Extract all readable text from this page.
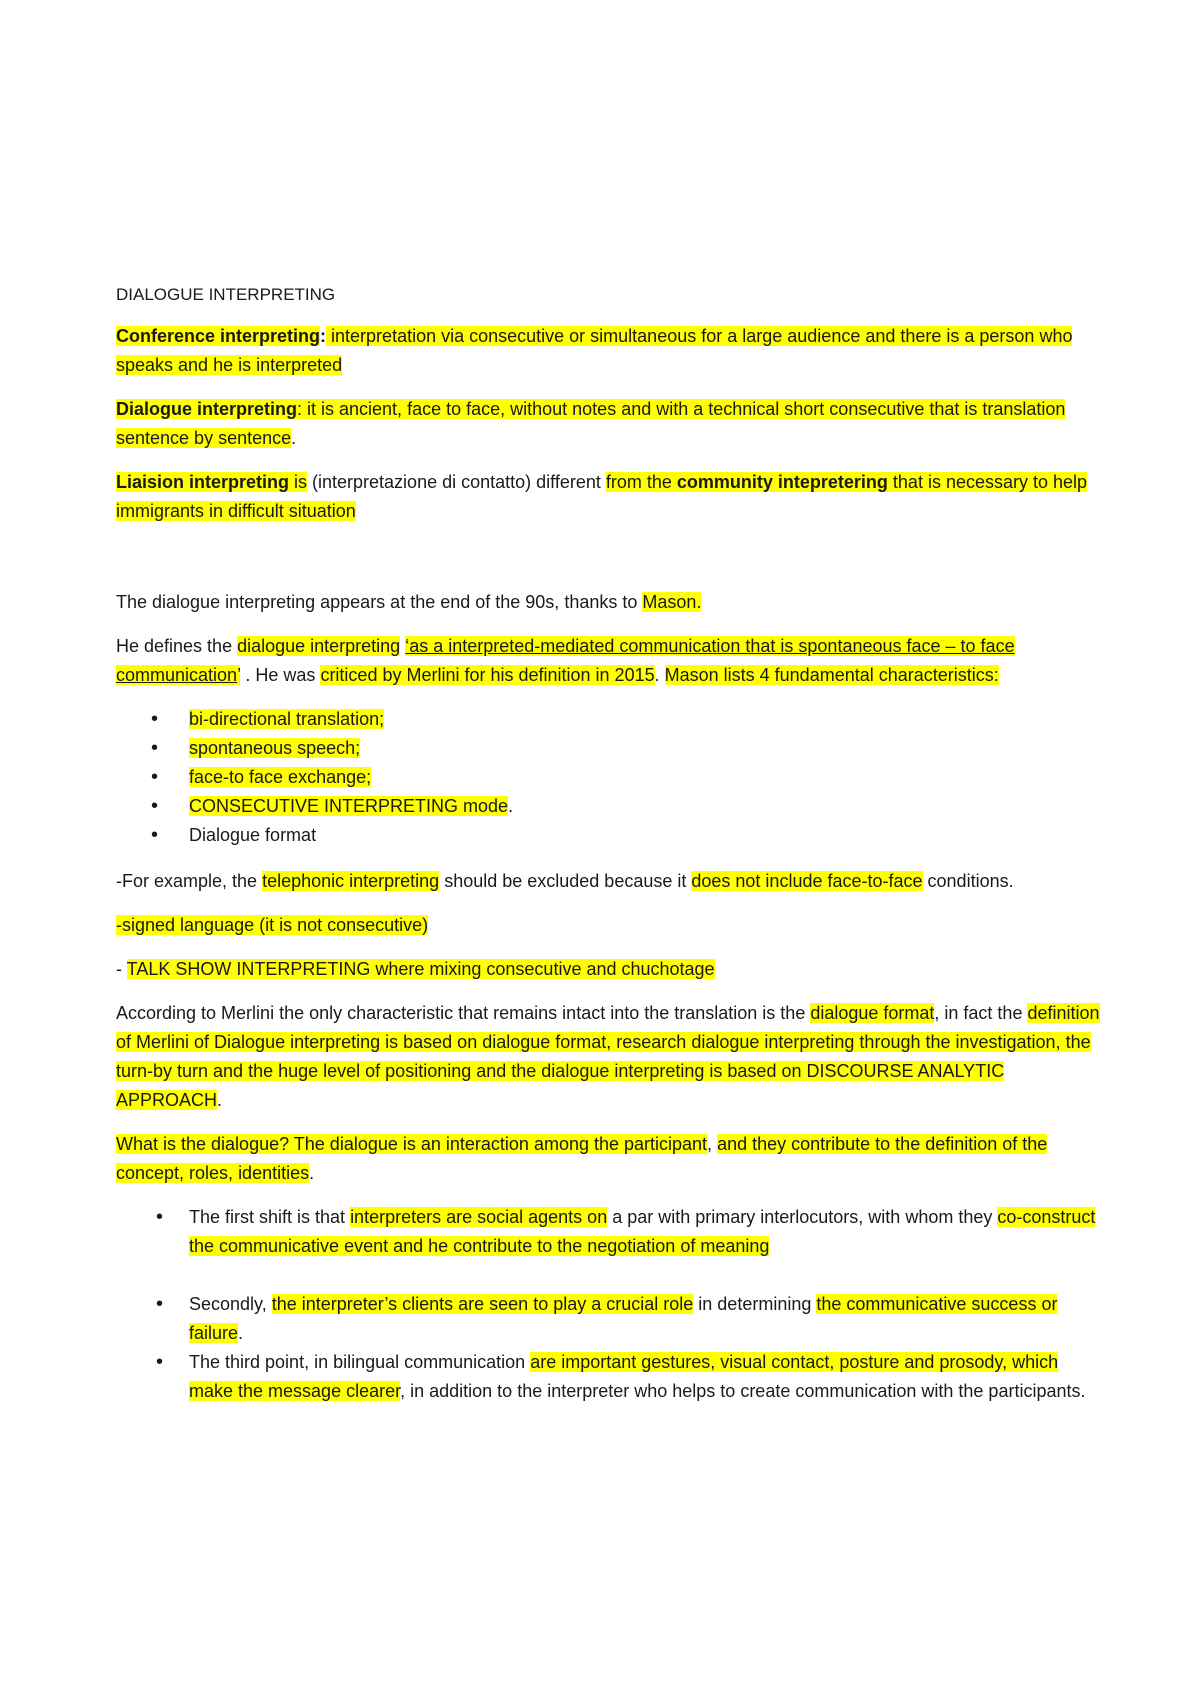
DIALOGUE INTERPRETING
Conference interpreting: interpretation via consecutive or simultaneous for a large audience and there is a person who speaks and he is interpreted
Dialogue interpreting: it is ancient, face to face, without notes and with a technical short consecutive that is translation sentence by sentence.
Liaision interpreting is (interpretazione di contatto) different from the community intepretering that is necessary to help immigrants in difficult situation
The dialogue interpreting appears at the end of the 90s, thanks to Mason.
He defines the dialogue interpreting ‘as a interpreted-mediated communication that is spontaneous face – to face communication’ . He was criticed by Merlini for his definition in 2015. Mason lists 4 fundamental characteristics:
• bi-directional translation;
• spontaneous speech;
• face-to face exchange;
• CONSECUTIVE INTERPRETING mode.
• Dialogue format
-For example, the telephonic interpreting should be excluded because it does not include face-to-face conditions.
-signed language (it is not consecutive)
- TALK SHOW INTERPRETING where mixing consecutive and chuchotage
According to Merlini the only characteristic that remains intact into the translation is the dialogue format, in fact the definition of Merlini of Dialogue interpreting is based on dialogue format, research dialogue interpreting through the investigation, the turn-by turn and the huge level of positioning and the dialogue interpreting is based on DISCOURSE ANALYTIC APPROACH.
What is the dialogue? The dialogue is an interaction among the participant, and they contribute to the definition of the concept, roles, identities.
• The first shift is that interpreters are social agents on a par with primary interlocutors, with whom they co-construct the communicative event and he contribute to the negotiation of meaning
• Secondly, the interpreter’s clients are seen to play a crucial role in determining the communicative success or failure.
• The third point, in bilingual communication are important gestures, visual contact, posture and prosody, which make the message clearer, in addition to the interpreter who helps to create communication with the participants.
